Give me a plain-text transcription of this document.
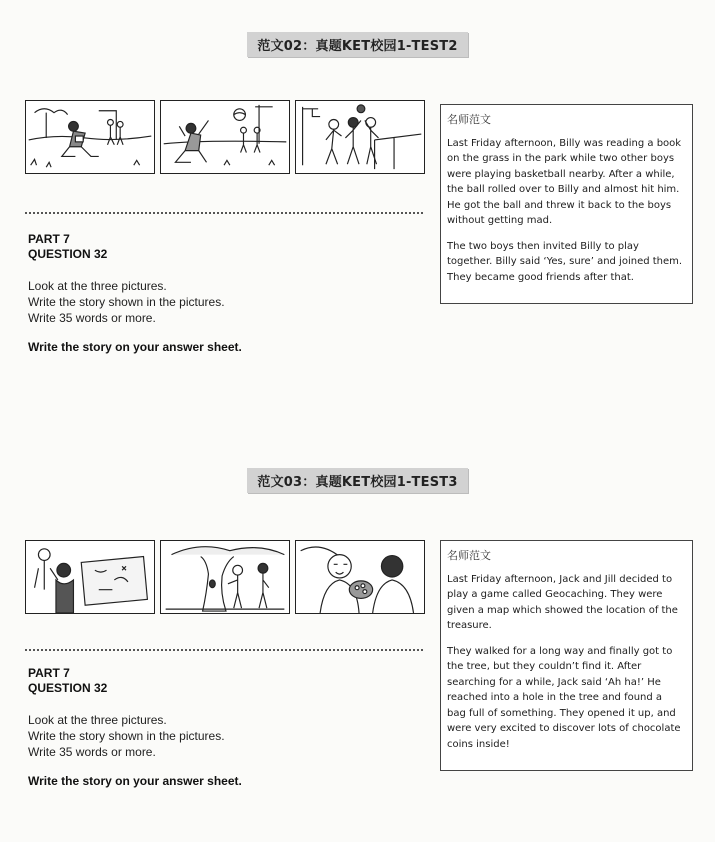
范文02：真题KET校园1-TEST2
PART 7
QUESTION 32
Look at the three pictures.
Write the story shown in the pictures.
Write 35 words or more.
Write the story on your answer sheet.
名师范文

Last Friday afternoon, Billy was reading a book on the grass in the park while two other boys were playing basketball nearby. After a while, the ball rolled over to Billy and almost hit him. He got the ball and threw it back to the boys without getting mad.

The two boys then invited Billy to play together. Billy said ‘Yes, sure’ and joined them. They became good friends after that.

范文03：真题KET校园1-TEST3
PART 7
QUESTION 32
Look at the three pictures.
Write the story shown in the pictures.
Write 35 words or more.
Write the story on your answer sheet.
名师范文

Last Friday afternoon, Jack and Jill decided to play a game called Geocaching. They were given a map which showed the location of the treasure.

They walked for a long way and finally got to the tree, but they couldn’t find it. After searching for a while, Jack said ‘Ah ha!’ He reached into a hole in the tree and found a bag full of something. They opened it up, and were very excited to discover lots of chocolate coins inside!
